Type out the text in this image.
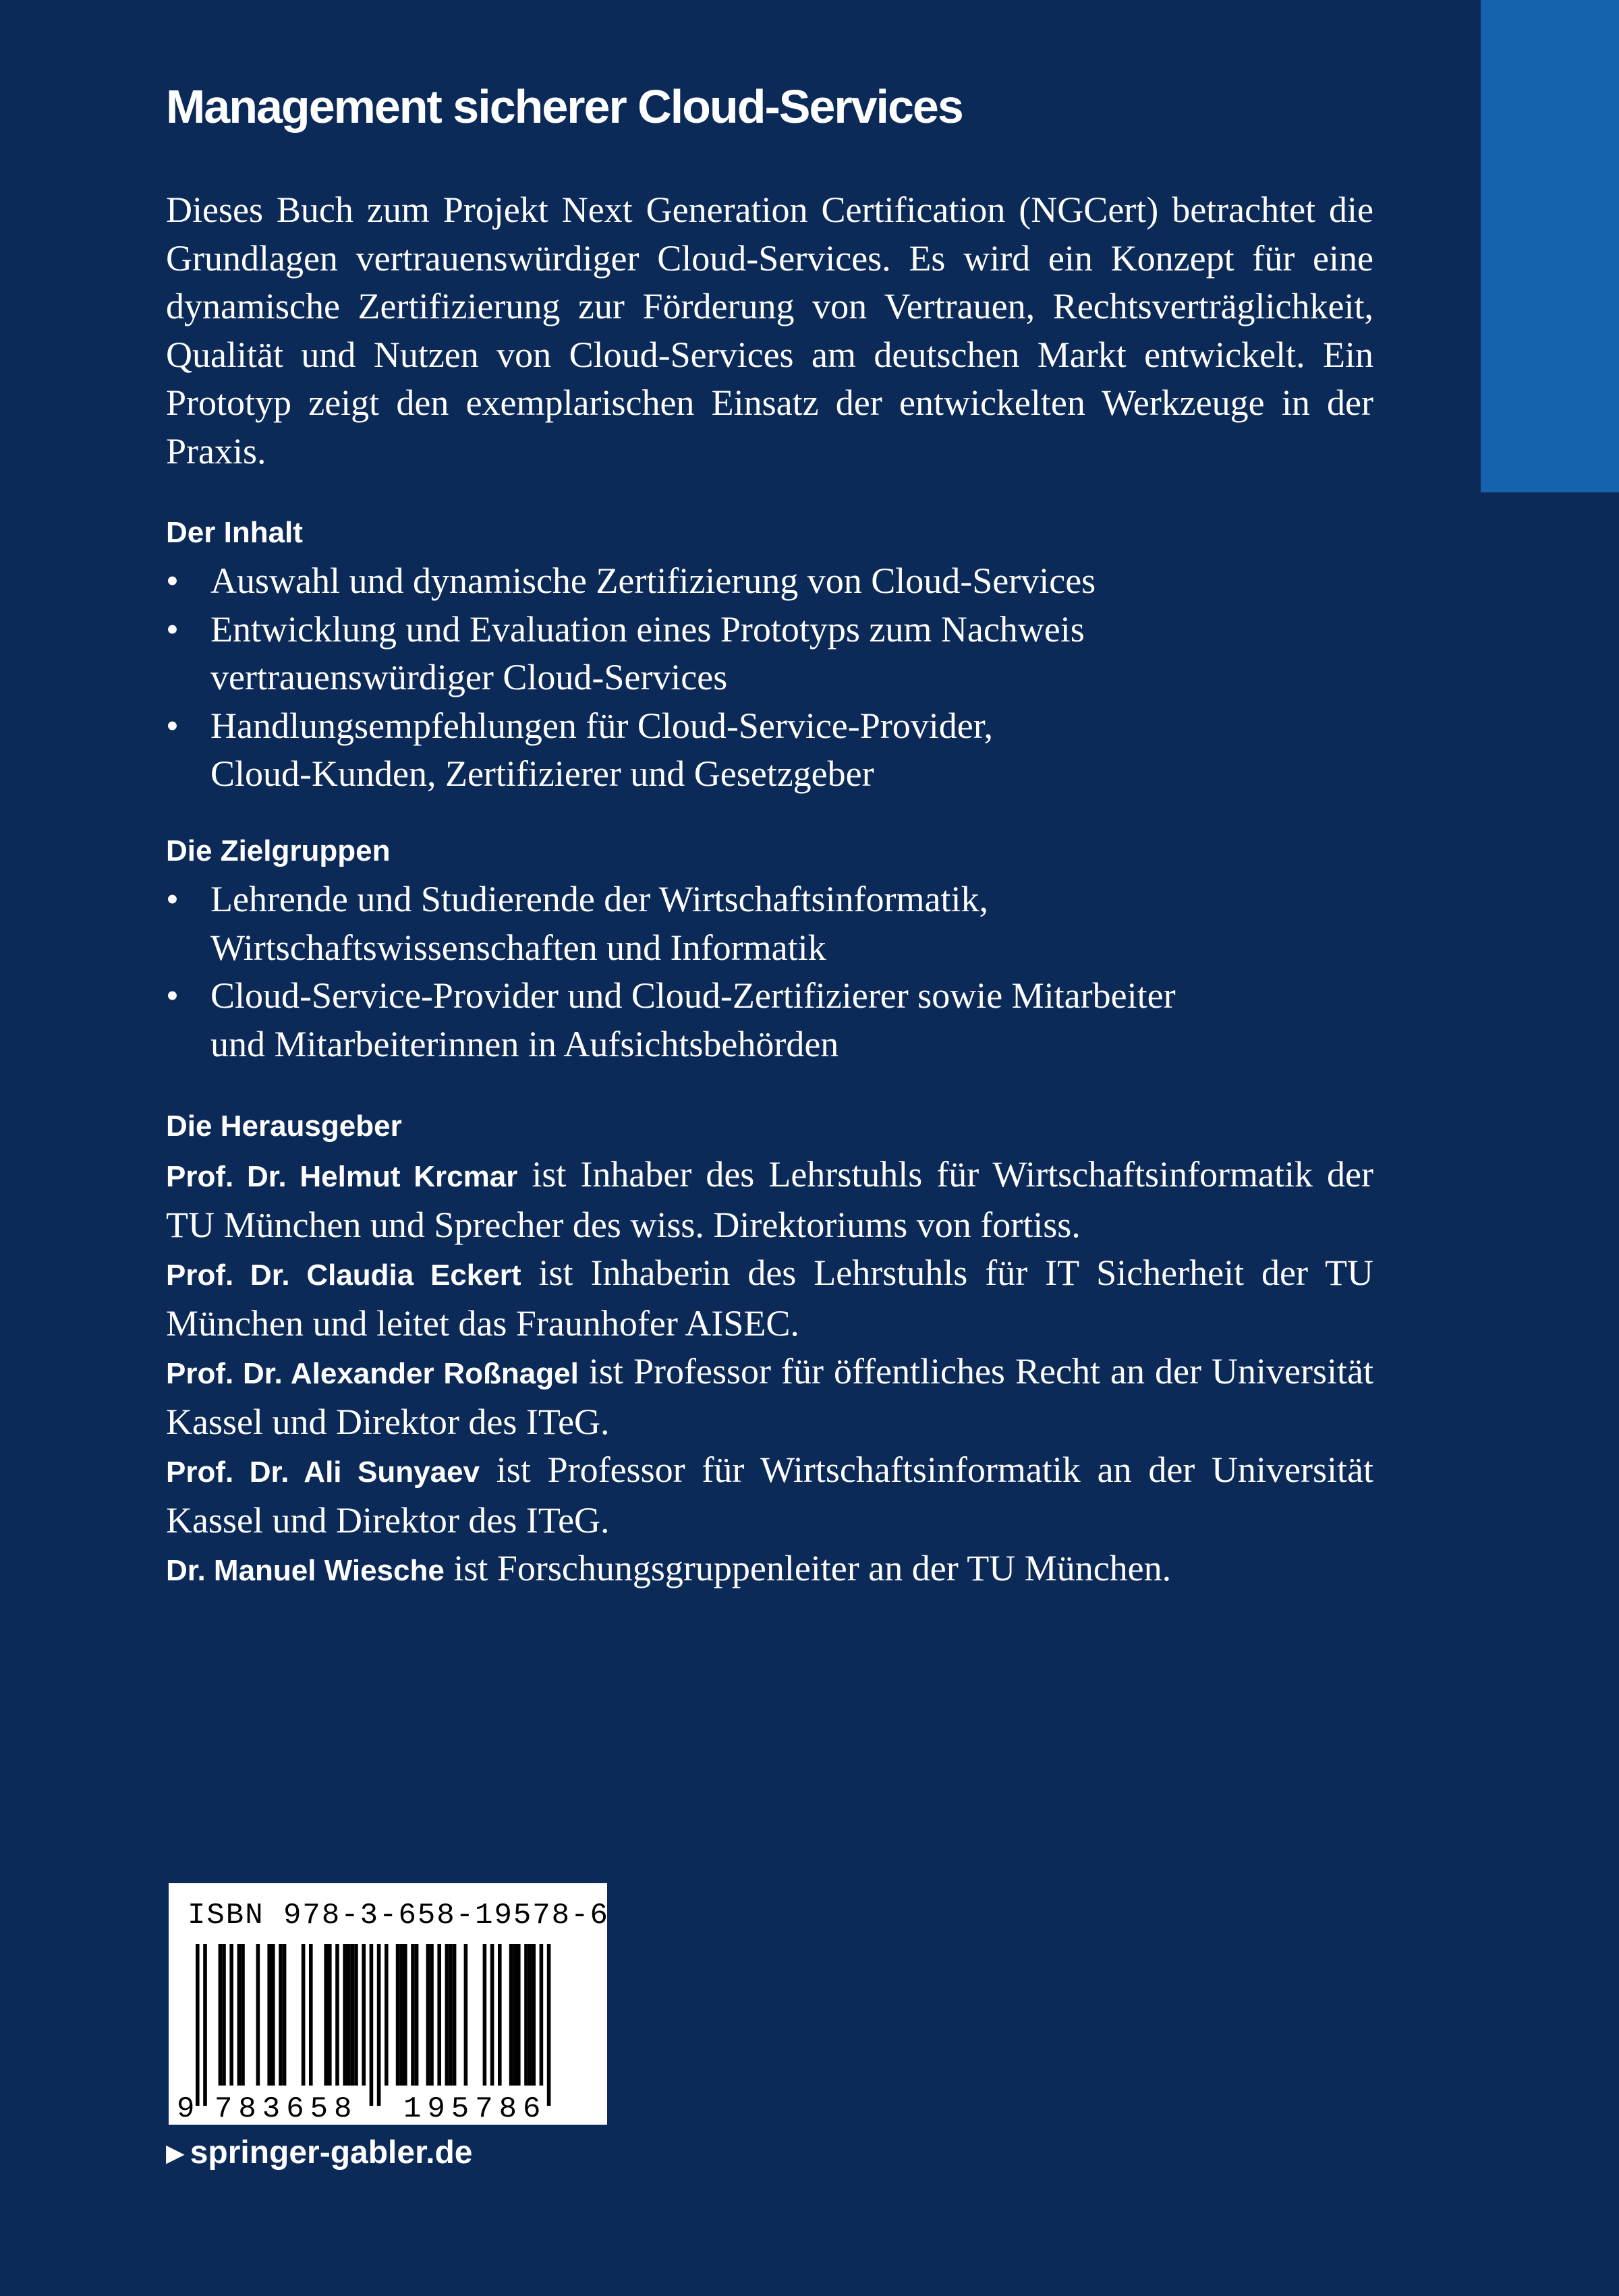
Management sicherer Cloud-Services

Dieses Buch zum Projekt Next Generation Certification (NGCert) betrachtet die Grundlagen vertrauenswürdiger Cloud-Services. Es wird ein Konzept für eine dynamische Zertifizierung zur Förderung von Vertrauen, Rechtsverträglichkeit, Qualität und Nutzen von Cloud-Services am deutschen Markt entwickelt. Ein Prototyp zeigt den exemplarischen Einsatz der entwickelten Werkzeuge in der Praxis.

Der Inhalt
• Auswahl und dynamische Zertifizierung von Cloud-Services
• Entwicklung und Evaluation eines Prototyps zum Nachweis
vertrauenswürdiger Cloud-Services
• Handlungsempfehlungen für Cloud-Service-Provider,
Cloud-Kunden, Zertifizierer und Gesetzgeber
Die Zielgruppen
• Lehrende und Studierende der Wirtschaftsinformatik,
Wirtschaftswissenschaften und Informatik
• Cloud-Service-Provider und Cloud-Zertifizierer sowie Mitarbeiter
und Mitarbeiterinnen in Aufsichtsbehörden
Die Herausgeber

Prof. Dr. Helmut Krcmar ist Inhaber des Lehrstuhls für Wirtschaftsinformatik der TU München und Sprecher des wiss. Direktoriums von fortiss.

Prof. Dr. Claudia Eckert ist Inhaberin des Lehrstuhls für IT Sicherheit der TU München und leitet das Fraunhofer AISEC.

Prof. Dr. Alexander Roßnagel ist Professor für öffentliches Recht an der Universität Kassel und Direktor des ITeG.

Prof. Dr. Ali Sunyaev ist Professor für Wirtschaftsinformatik an der Universität Kassel und Direktor des ITeG.

Dr. Manuel Wiesche ist Forschungsgruppenleiter an der TU München.

ISBN 978-3-658-19578-6
9 783658 195786
▶ springer-gabler.de
